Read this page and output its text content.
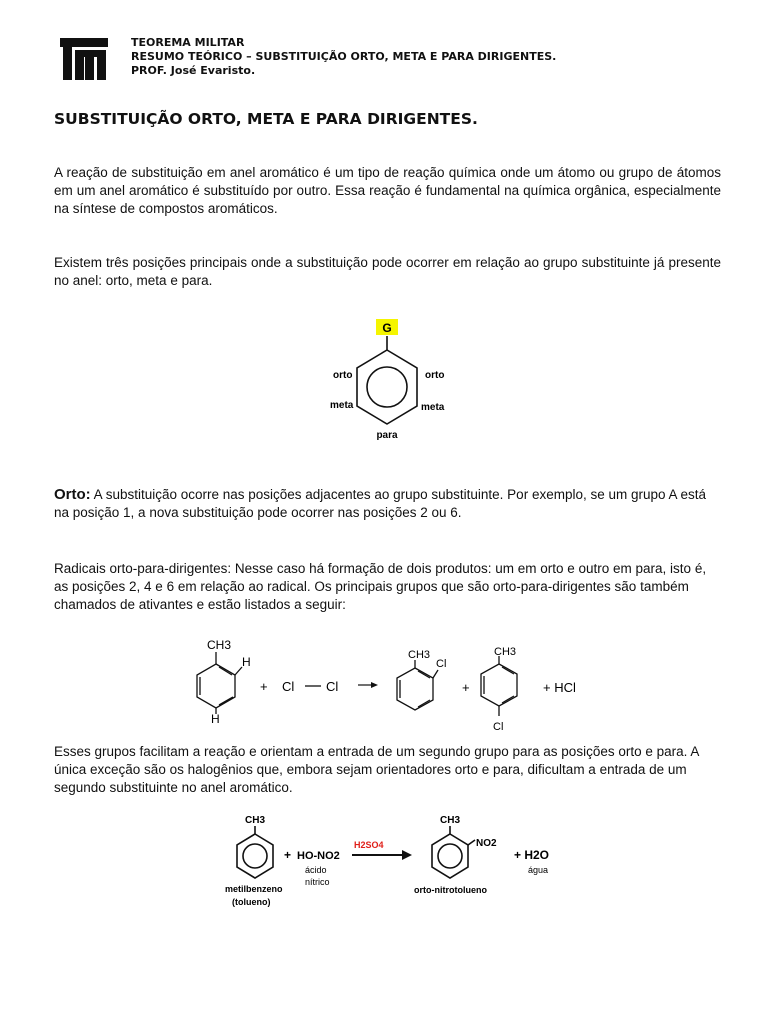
TEOREMA MILITAR
RESUMO TEÓRICO – SUBSTITUIÇÃO ORTO, META E PARA DIRIGENTES.
PROF. José Evaristo.
SUBSTITUIÇÃO ORTO, META E PARA DIRIGENTES.

A reação de substituição em anel aromático é um tipo de reação química onde um átomo ou grupo de átomos em um anel aromático é substituído por outro. Essa reação é fundamental na química orgânica, especialmente na síntese de compostos aromáticos.

Existem três posições principais onde a substituição pode ocorrer em relação ao grupo substituinte já presente no anel: orto, meta e para.

G
orto	orto
meta	meta
para

Orto: A substituição ocorre nas posições adjacentes ao grupo substituinte. Por exemplo, se um grupo A está na posição 1, a nova substituição pode ocorrer nas posições 2 ou 6.

Radicais orto-para-dirigentes: Nesse caso há formação de dois produtos: um em orto e outro em para, isto é, as posições 2, 4 e 6 em relação ao radical. Os principais grupos que são orto-para-dirigentes são também chamados de ativantes e estão listados a seguir:

CH3
H
H
+ Cl Cl
CH3
Cl
+
CH3
Cl
+ HCl

Esses grupos facilitam a reação e orientam a entrada de um segundo grupo para as posições orto e para. A única exceção são os halogênios que, embora sejam orientadores orto e para, dificultam a entrada de um segundo substituinte no anel aromático.

CH3
+ HO-NO2
ácido
nítrico
H2SO4
CH3
NO2
+ H2O
água
metilbenzeno
(tolueno)
orto-nitrotolueno
